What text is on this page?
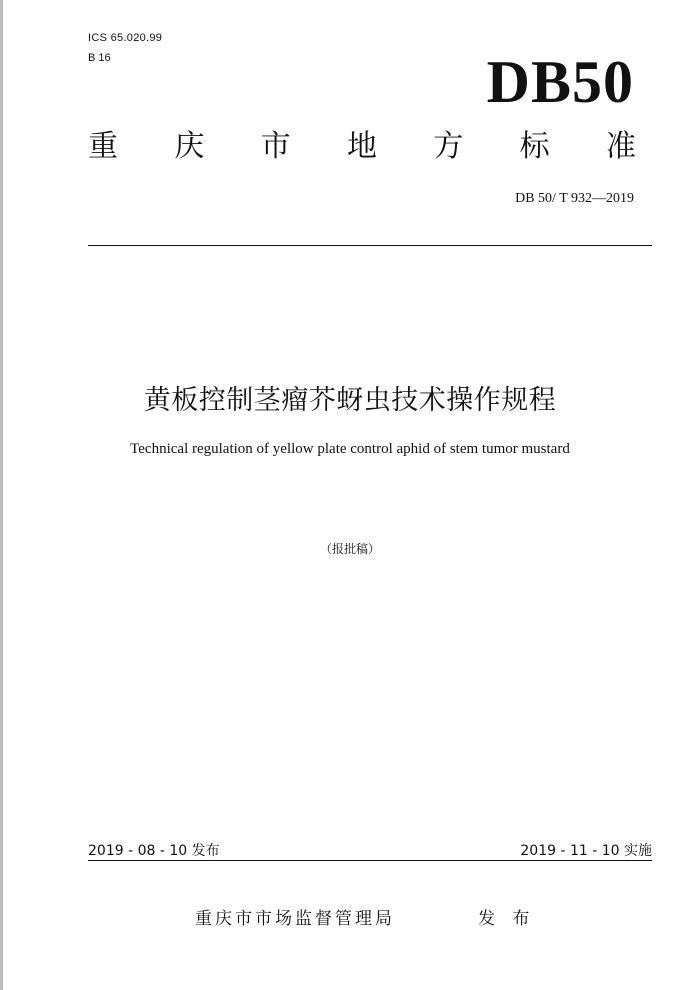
ICS 65.020.99
B 16	DB50
重 庆 市 地 方 标 准
DB 50/ T 932—2019
黄板控制茎瘤芥蚜虫技术操作规程
Technical regulation of yellow plate control aphid of stem tumor mustard
（报批稿）
2019 - 08 - 10 发布	2019 - 11 - 10 实施
重庆市市场监督管理局	发 布
